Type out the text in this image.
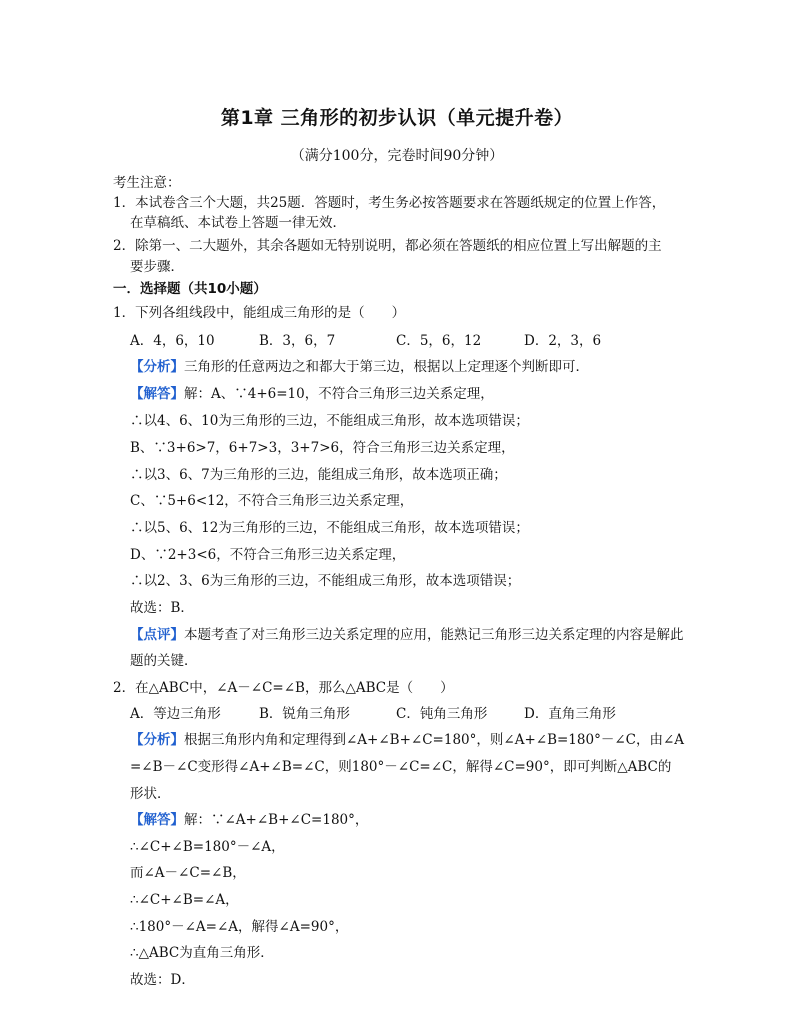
第1章 三角形的初步认识（单元提升卷）
（满分100分，完卷时间90分钟）
考生注意：
1．本试卷含三个大题，共25题．答题时，考生务必按答题要求在答题纸规定的位置上作答，
在草稿纸、本试卷上答题一律无效．
2．除第一、二大题外，其余各题如无特别说明，都必须在答题纸的相应位置上写出解题的主
要步骤．
一．选择题（共10小题）
1．下列各组线段中，能组成三角形的是（　　）
A．4，6，10	B．3，6，7	C．5，6，12	D．2，3，6
【分析】三角形的任意两边之和都大于第三边，根据以上定理逐个判断即可．
【解答】解：A、∵4+6=10，不符合三角形三边关系定理，
∴以4、6、10为三角形的三边，不能组成三角形，故本选项错误；
B、∵3+6>7，6+7>3，3+7>6，符合三角形三边关系定理，
∴以3、6、7为三角形的三边，能组成三角形，故本选项正确；
C、∵5+6<12，不符合三角形三边关系定理，
∴以5、6、12为三角形的三边，不能组成三角形，故本选项错误；
D、∵2+3<6，不符合三角形三边关系定理，
∴以2、3、6为三角形的三边，不能组成三角形，故本选项错误；
故选：B．
【点评】本题考查了对三角形三边关系定理的应用，能熟记三角形三边关系定理的内容是解此
题的关键．
2．在△ABC中，∠A－∠C=∠B，那么△ABC是（　　）
A．等边三角形	B．锐角三角形	C．钝角三角形	D．直角三角形
【分析】根据三角形内角和定理得到∠A+∠B+∠C=180°，则∠A+∠B=180°－∠C，由∠A
=∠B－∠C变形得∠A+∠B=∠C，则180°－∠C=∠C，解得∠C=90°，即可判断△ABC的
形状．
【解答】解：∵∠A+∠B+∠C=180°，
∴∠C+∠B=180°－∠A，
而∠A－∠C=∠B，
∴∠C+∠B=∠A，
∴180°－∠A=∠A，解得∠A=90°，
∴△ABC为直角三角形．
故选：D．
